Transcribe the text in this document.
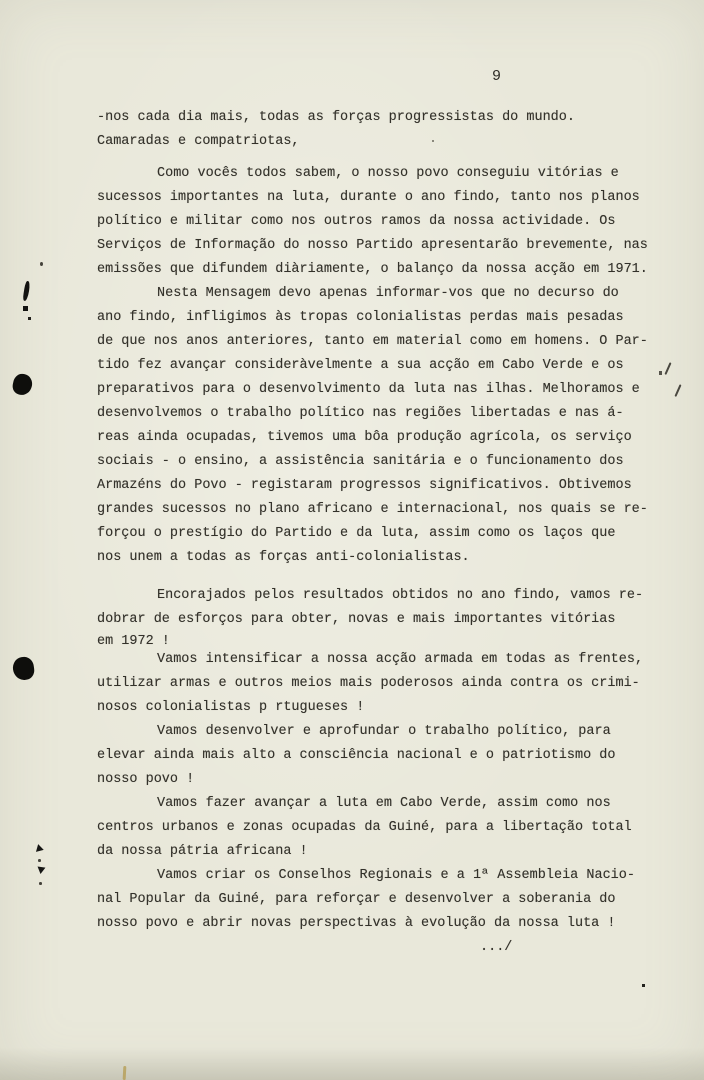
9
-nos cada dia mais, todas as forças progressistas do mundo.
Camaradas e compatriotas,
Como vocês todos sabem, o nosso povo conseguiu vitórias e
sucessos importantes na luta, durante o ano findo, tanto nos planos
político e militar como nos outros ramos da nossa actividade. Os
Serviços de Informação do nosso Partido apresentarão brevemente, nas
emissões que difundem diàriamente, o balanço da nossa acção em 1971.
Nesta Mensagem devo apenas informar-vos que no decurso do
ano findo, infligimos às tropas colonialistas perdas mais pesadas
de que nos anos anteriores, tanto em material como em homens. O Par-
tido fez avançar consideràvelmente a sua acção em Cabo Verde e os
preparativos para o desenvolvimento da luta nas ilhas. Melhoramos e
desenvolvemos o trabalho político nas regiões libertadas e nas á-
reas ainda ocupadas, tivemos uma bôa produção agrícola, os serviço
sociais - o ensino, a assistência sanitária e o funcionamento dos
Armazéns do Povo - registaram progressos significativos. Obtivemos
grandes sucessos no plano africano e internacional, nos quais se re-
forçou o prestígio do Partido e da luta, assim como os laços que
nos unem a todas as forças anti-colonialistas.
Encorajados pelos resultados obtidos no ano findo, vamos re-
dobrar de esforços para obter, novas e mais importantes vitórias
em 1972 !
Vamos intensificar a nossa acção armada em todas as frentes,
utilizar armas e outros meios mais poderosos ainda contra os crimi-
nosos colonialistas p rtugueses !
Vamos desenvolver e aprofundar o trabalho político, para
elevar ainda mais alto a consciência nacional e o patriotismo do
nosso povo !
Vamos fazer avançar a luta em Cabo Verde, assim como nos
centros urbanos e zonas ocupadas da Guiné, para a libertação total
da nossa pátria africana !
Vamos criar os Conselhos Regionais e a 1ª Assembleia Nacio-
nal Popular da Guiné, para reforçar e desenvolver a soberania do
nosso povo e abrir novas perspectivas à evolução da nossa luta !
.../
